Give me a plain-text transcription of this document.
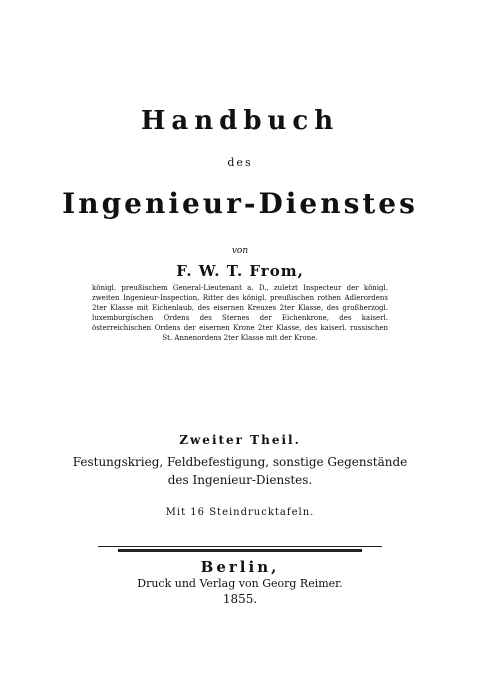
Handbuch
des
Ingenieur-Dienstes
von
F. W. T. From,
königl. preußischem General-Lieutenant a. D., zuletzt Inspecteur der königl. zweiten Ingenieur-Inspection, Ritter des königl. preußischen rothen Adlerordens 2ter Klasse mit Eichenlaub, des eisernen Kreuzes 2ter Klasse, des großherzogl. luxemburgischen Ordens des Sternes der Eichenkrone, des kaiserl. österreichischen Ordens der eisernen Krone 2ter Klasse, des kaiserl. russischen St. Annenordens 2ter Klasse mit der Krone.
Zweiter Theil.
Festungskrieg, Feldbefestigung, sonstige Gegenstände
des Ingenieur-Dienstes.
Mit 16 Steindrucktafeln.
Berlin,
Druck und Verlag von Georg Reimer.
1855.
